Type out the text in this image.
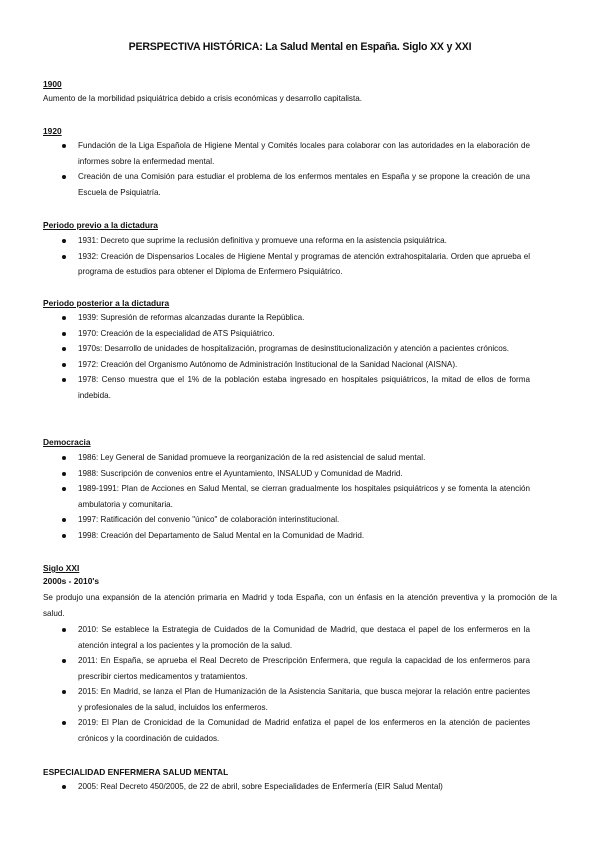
PERSPECTIVA HISTÓRICA: La Salud Mental en España. Siglo XX y XXI
1900
Aumento de la morbilidad psiquiátrica debido a crisis económicas y desarrollo capitalista.
1920
Fundación de la Liga Española de Higiene Mental y Comités locales para colaborar con las autoridades en la elaboración de informes sobre la enfermedad mental.
Creación de una Comisión para estudiar el problema de los enfermos mentales en España y se propone la creación de una Escuela de Psiquiatría.
Periodo previo a la dictadura
1931: Decreto que suprime la reclusión definitiva y promueve una reforma en la asistencia psiquiátrica.
1932: Creación de Dispensarios Locales de Higiene Mental y programas de atención extrahospitalaria. Orden que aprueba el programa de estudios para obtener el Diploma de Enfermero Psiquiátrico.
Periodo posterior a la dictadura
1939: Supresión de reformas alcanzadas durante la República.
1970: Creación de la especialidad de ATS Psiquiátrico.
1970s: Desarrollo de unidades de hospitalización, programas de desinstitucionalización y atención a pacientes crónicos.
1972: Creación del Organismo Autónomo de Administración Institucional de la Sanidad Nacional (AISNA).
1978: Censo muestra que el 1% de la población estaba ingresado en hospitales psiquiátricos, la mitad de ellos de forma indebida.
Democracia
1986: Ley General de Sanidad promueve la reorganización de la red asistencial de salud mental.
1988: Suscripción de convenios entre el Ayuntamiento, INSALUD y Comunidad de Madrid.
1989-1991: Plan de Acciones en Salud Mental, se cierran gradualmente los hospitales psiquiátricos y se fomenta la atención ambulatoria y comunitaria.
1997: Ratificación del convenio "único" de colaboración interinstitucional.
1998: Creación del Departamento de Salud Mental en la Comunidad de Madrid.
Siglo XXI
2000s - 2010's
Se produjo una expansión de la atención primaria en Madrid y toda España, con un énfasis en la atención preventiva y la promoción de la salud.
2010: Se establece la Estrategia de Cuidados de la Comunidad de Madrid, que destaca el papel de los enfermeros en la atención integral a los pacientes y la promoción de la salud.
2011: En España, se aprueba el Real Decreto de Prescripción Enfermera, que regula la capacidad de los enfermeros para prescribir ciertos medicamentos y tratamientos.
2015: En Madrid, se lanza el Plan de Humanización de la Asistencia Sanitaria, que busca mejorar la relación entre pacientes y profesionales de la salud, incluidos los enfermeros.
2019: El Plan de Cronicidad de la Comunidad de Madrid enfatiza el papel de los enfermeros en la atención de pacientes crónicos y la coordinación de cuidados.
ESPECIALIDAD ENFERMERA SALUD MENTAL
2005: Real Decreto 450/2005, de 22 de abril, sobre Especialidades de Enfermería (EIR Salud Mental)
